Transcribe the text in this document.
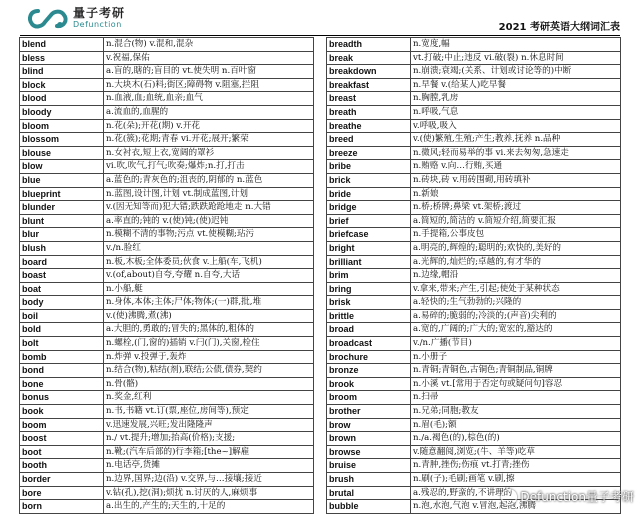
量子考研
Defunction	2021 考研英语大纲词汇表
blend	n.混合(物) v.混和,混杂
bless	v.祝福,保佑
blind	a.盲的,瞎的;盲目的 vt.使失明 n.百叶窗
block	n.大块木(石)料;街区;障碍物 v.阻塞,拦阻
blood	n.血液,血;血统,血亲;血气
bloody	a.流血的,血腥的
bloom	n.花(朵);开花(期) v.开花
blossom	n.花(簇);花期;青春 vi.开花;展开;繁荣
blouse	n.女衬衣,短上衣,宽阔的罩衫
blow	vi.吹,吹气,打气;吹奏;爆炸;n.打,打击
blue	a.蓝色的;青灰色的;沮丧的,阴郁的 n.蓝色
blueprint	n.蓝图,设计图,计划 vt.制成蓝图,计划
blunder	v.(因无知等而)犯大错;跌跌跄跄地走 n.大错
blunt	a.率直的;钝的 v.(使)钝;(使)迟钝
blur	n.模糊不清的事物;污点 vt.使模糊;玷污
blush	v./n.脸红
board	n.板,木板;全体委员;伙食 v.上船(车,飞机)
boast	v.(of,about)自夸,夸耀 n.自夸,大话
boat	n.小船,艇
body	n.身体,本体;主体;尸体;物体;(一)群,批,堆
boil	v.(使)沸腾,煮(沸)
bold	a.大胆的,勇敢的;冒失的;黑体的,粗体的
bolt	n.螺栓,(门,窗的)插销 v.闩(门),关窗,栓住
bomb	n.炸弹 v.投弹于,轰炸
bond	n.结合(物),粘结(剂),联结;公债,债券,契约
bone	n.骨(骼)
bonus	n.奖金,红利
book	n.书,书籍 vt.订(票,座位,房间等),预定
boom	v.迅速发展,兴旺;发出隆隆声
boost	n./ vt.提升;增加;抬高(价格);支援;
boot	n.靴;(汽车后部的)行李箱;[the~]解雇
booth	n.电话亭,货摊
border	n.边界,国界;边(沿) v.交界,与…接壤;接近
bore	v.钻(孔),挖(洞);烦扰 n.讨厌的人,麻烦事
born	a.出生的,产生的;天生的,十足的
breadth	n.宽度,幅
break	vt.打破;中止;违反 vi.破(裂) n.休息时间
breakdown	n.崩溃;衰竭;(关系、计划或讨论等的)中断
breakfast	n.早餐 v.(给某人)吃早餐
breast	n.胸膛,乳房
breath	n.呼吸,气息
breathe	v.呼吸,吸入
breed	v.(使)繁殖,生殖;产生;教养,抚养 n.品种
breeze	n.微风;轻而易举的事 vi.来去匆匆,急速走
bribe	n.贿赂 v.向…行贿,买通
brick	n.砖块,砖 v.用砖围砌,用砖填补
bride	n.新娘
bridge	n.桥;桥牌;鼻梁 vt.架桥;渡过
brief	a.简短的,简洁的 v.简短介绍,简要汇报
briefcase	n.手提箱,公事皮包
bright	a.明亮的,辉煌的;聪明的;欢快的,美好的
brilliant	a.光辉的,灿烂的;卓越的,有才华的
brim	n.边缘,帽沿
bring	v.拿来,带来;产生,引起;使处于某种状态
brisk	a.轻快的;生气勃勃的;兴隆的
brittle	a.易碎的;脆弱的;冷淡的;(声音)尖利的
broad	a.宽的,广阔的;广大的;宽宏的,豁达的
broadcast	v./n.广播(节目)
brochure	n.小册子
bronze	n.青铜;青铜色,古铜色;青铜制品,铜牌
brook	n.小溪 vt.[常用于否定句或疑问句]容忍
broom	n.扫帚
brother	n.兄弟;同胞;教友
brow	n.眉(毛);额
brown	n./a.褐色(的),棕色(的)
browse	v.随意翻阅,浏览;(牛、羊等)吃草
bruise	n.青肿,挫伤;伤痕 vt.打青;挫伤
brush	n.刷(子);毛刷;画笔 v.刷,擦
brutal	a.残忍的,野蛮的,不讲理的
bubble	n.泡,水泡,气泡 v.冒泡,起泡,沸腾
Defunction量子考研
